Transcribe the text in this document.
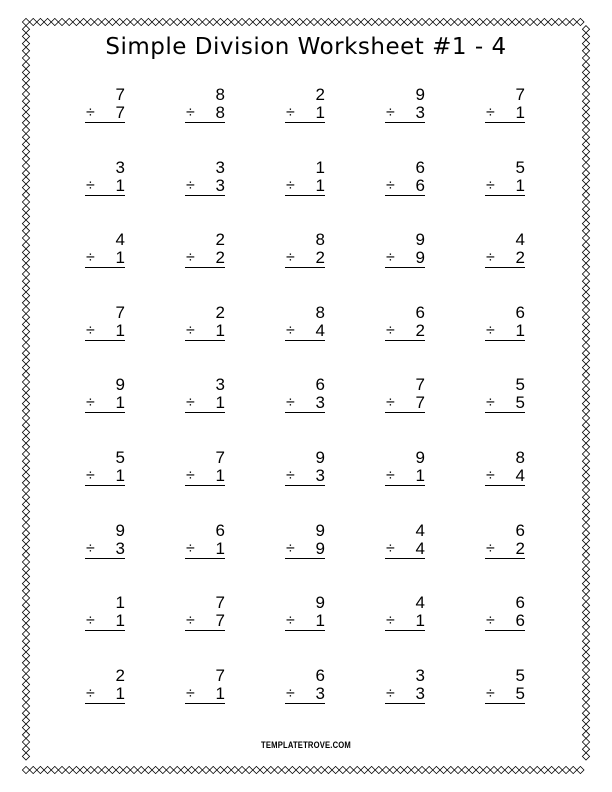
Simple Division Worksheet #1 - 4
7
÷ 7
8
÷ 8
2
÷ 1
9
÷ 3
7
÷ 1
3
÷ 1
3
÷ 3
1
÷ 1
6
÷ 6
5
÷ 1
4
÷ 1
2
÷ 2
8
÷ 2
9
÷ 9
4
÷ 2
7
÷ 1
2
÷ 1
8
÷ 4
6
÷ 2
6
÷ 1
9
÷ 1
3
÷ 1
6
÷ 3
7
÷ 7
5
÷ 5
5
÷ 1
7
÷ 1
9
÷ 3
9
÷ 1
8
÷ 4
9
÷ 3
6
÷ 1
9
÷ 9
4
÷ 4
6
÷ 2
1
÷ 1
7
÷ 7
9
÷ 1
4
÷ 1
6
÷ 6
2
÷ 1
7
÷ 1
6
÷ 3
3
÷ 3
5
÷ 5
TEMPLATETROVE.COM
